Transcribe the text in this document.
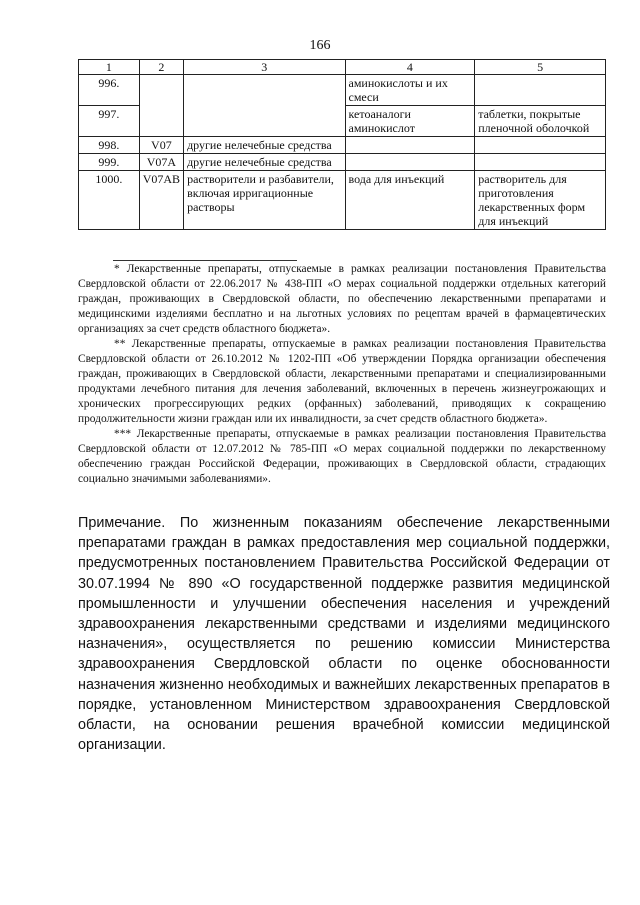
166
1	2	3	4	5
996.			аминокислоты и их смеси	
997.			кетоаналоги аминокислот	таблетки, покрытые пленочной оболочкой
998.	V07	другие нелечебные средства		
999.	V07A	другие нелечебные средства		
1000.	V07AB	растворители и разбавители, включая ирригационные растворы	вода для инъекций	растворитель для приготовления лекарственных форм для инъекций

* Лекарственные препараты, отпускаемые в рамках реализации постановления Правительства Свердловской области от 22.06.2017 № 438-ПП «О мерах социальной поддержки отдельных категорий граждан, проживающих в Свердловской области, по обеспечению лекарственными препаратами и медицинскими изделиями бесплатно и на льготных условиях по рецептам врачей в фармацевтических организациях за счет средств областного бюджета».

** Лекарственные препараты, отпускаемые в рамках реализации постановления Правительства Свердловской области от 26.10.2012 № 1202-ПП «Об утверждении Порядка организации обеспечения граждан, проживающих в Свердловской области, лекарственными препаратами и специализированными продуктами лечебного питания для лечения заболеваний, включенных в перечень жизнеугрожающих и хронических прогрессирующих редких (орфанных) заболеваний, приводящих к сокращению продолжительности жизни граждан или их инвалидности, за счет средств областного бюджета».

*** Лекарственные препараты, отпускаемые в рамках реализации постановления Правительства Свердловской области от 12.07.2012 № 785-ПП «О мерах социальной поддержки по лекарственному обеспечению граждан Российской Федерации, проживающих в Свердловской области, страдающих социально значимыми заболеваниями».

Примечание. По жизненным показаниям обеспечение лекарственными препаратами граждан в рамках предоставления мер социальной поддержки, предусмотренных постановлением Правительства Российской Федерации от 30.07.1994 № 890 «О государственной поддержке развития медицинской промышленности и улучшении обеспечения населения и учреждений здравоохранения лекарственными средствами и изделиями медицинского назначения», осуществляется по решению комиссии Министерства здравоохранения Свердловской области по оценке обоснованности назначения жизненно необходимых и важнейших лекарственных препаратов в порядке, установленном Министерством здравоохранения Свердловской области, на основании решения врачебной комиссии медицинской организации.
